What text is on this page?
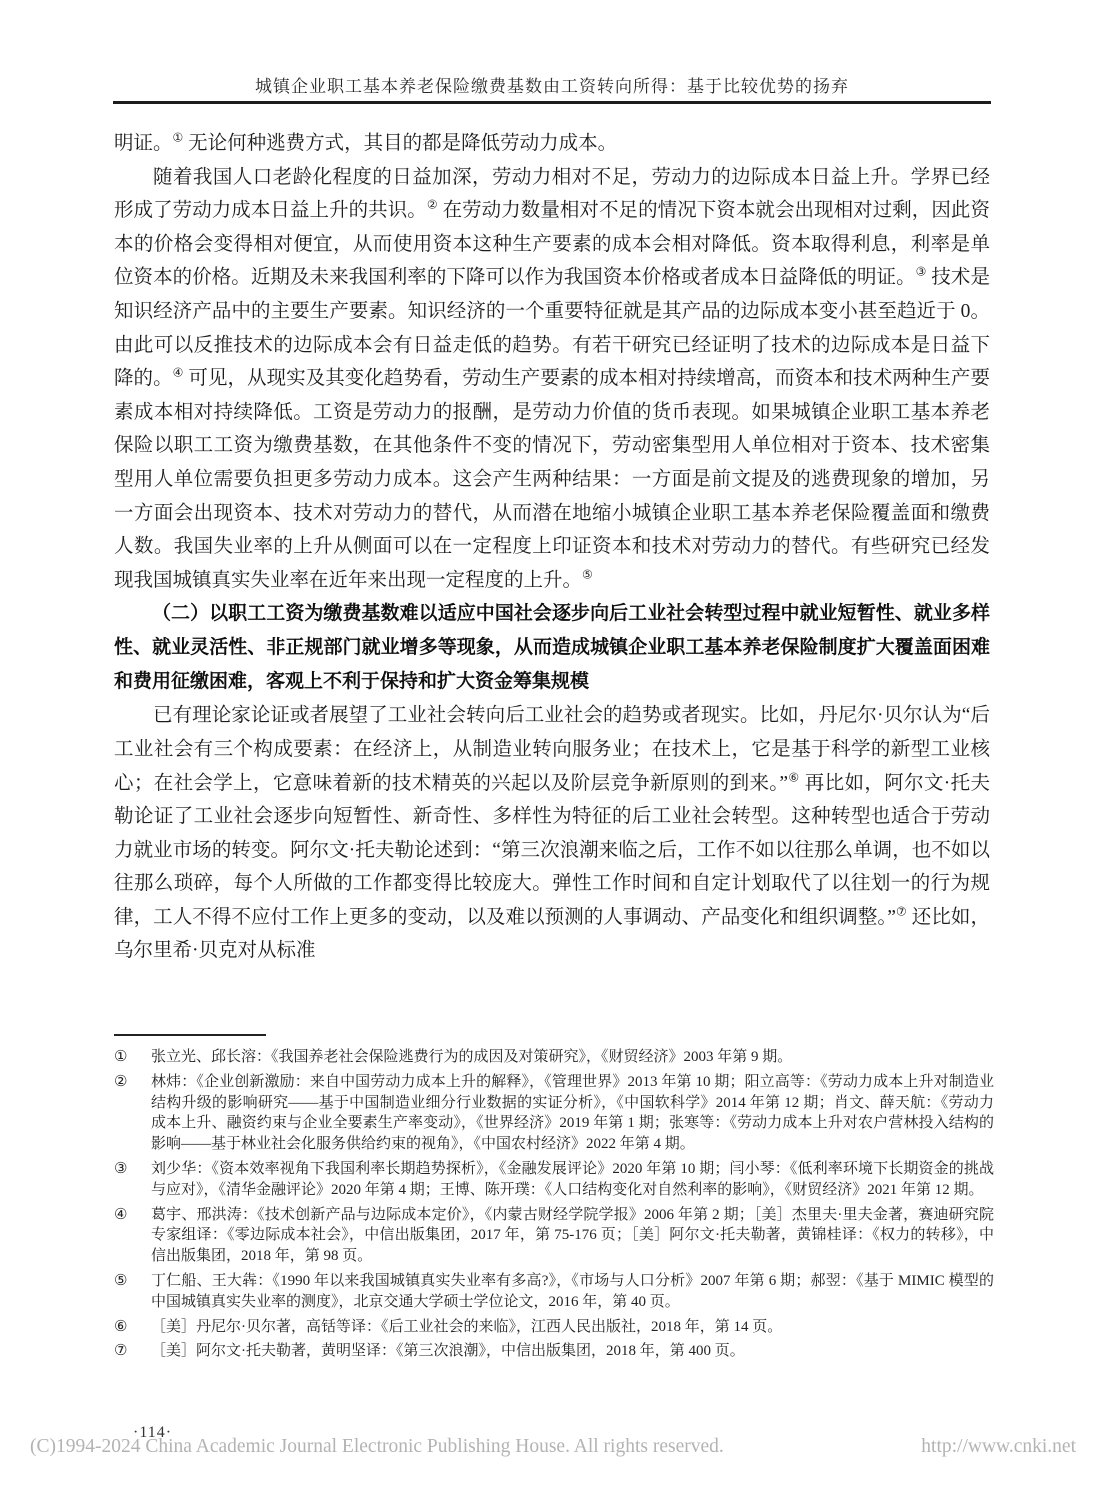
城镇企业职工基本养老保险缴费基数由工资转向所得：基于比较优势的扬弃

明证。① 无论何种逃费方式，其目的都是降低劳动力成本。

随着我国人口老龄化程度的日益加深，劳动力相对不足，劳动力的边际成本日益上升。学界已经形成了劳动力成本日益上升的共识。② 在劳动力数量相对不足的情况下资本就会出现相对过剩，因此资本的价格会变得相对便宜，从而使用资本这种生产要素的成本会相对降低。资本取得利息，利率是单位资本的价格。近期及未来我国利率的下降可以作为我国资本价格或者成本日益降低的明证。③ 技术是知识经济产品中的主要生产要素。知识经济的一个重要特征就是其产品的边际成本变小甚至趋近于 0。由此可以反推技术的边际成本会有日益走低的趋势。有若干研究已经证明了技术的边际成本是日益下降的。④ 可见，从现实及其变化趋势看，劳动生产要素的成本相对持续增高，而资本和技术两种生产要素成本相对持续降低。工资是劳动力的报酬，是劳动力价值的货币表现。如果城镇企业职工基本养老保险以职工工资为缴费基数，在其他条件不变的情况下，劳动密集型用人单位相对于资本、技术密集型用人单位需要负担更多劳动力成本。这会产生两种结果：一方面是前文提及的逃费现象的增加，另一方面会出现资本、技术对劳动力的替代，从而潜在地缩小城镇企业职工基本养老保险覆盖面和缴费人数。我国失业率的上升从侧面可以在一定程度上印证资本和技术对劳动力的替代。有些研究已经发现我国城镇真实失业率在近年来出现一定程度的上升。⑤

（二）以职工工资为缴费基数难以适应中国社会逐步向后工业社会转型过程中就业短暂性、就业多样性、就业灵活性、非正规部门就业增多等现象，从而造成城镇企业职工基本养老保险制度扩大覆盖面困难和费用征缴困难，客观上不利于保持和扩大资金筹集规模

已有理论家论证或者展望了工业社会转向后工业社会的趋势或者现实。比如，丹尼尔·贝尔认为“后工业社会有三个构成要素：在经济上，从制造业转向服务业；在技术上，它是基于科学的新型工业核心；在社会学上，它意味着新的技术精英的兴起以及阶层竞争新原则的到来。”⑥ 再比如，阿尔文·托夫勒论证了工业社会逐步向短暂性、新奇性、多样性为特征的后工业社会转型。这种转型也适合于劳动力就业市场的转变。阿尔文·托夫勒论述到：“第三次浪潮来临之后，工作不如以往那么单调，也不如以往那么琐碎，每个人所做的工作都变得比较庞大。弹性工作时间和自定计划取代了以往划一的行为规律，工人不得不应付工作上更多的变动，以及难以预测的人事调动、产品变化和组织调整。”⑦ 还比如，乌尔里希·贝克对从标准

①	张立光、邱长溶：《我国养老社会保险逃费行为的成因及对策研究》，《财贸经济》2003 年第 9 期。
②	林炜：《企业创新激励：来自中国劳动力成本上升的解释》，《管理世界》2013 年第 10 期；阳立高等：《劳动力成本上升对制造业结构升级的影响研究——基于中国制造业细分行业数据的实证分析》，《中国软科学》2014 年第 12 期；肖文、薛天航：《劳动力成本上升、融资约束与企业全要素生产率变动》，《世界经济》2019 年第 1 期；张寒等：《劳动力成本上升对农户营林投入结构的影响——基于林业社会化服务供给约束的视角》，《中国农村经济》2022 年第 4 期。
③	刘少华：《资本效率视角下我国利率长期趋势探析》，《金融发展评论》2020 年第 10 期；闫小琴：《低利率环境下长期资金的挑战与应对》，《清华金融评论》2020 年第 4 期；王博、陈开璞：《人口结构变化对自然利率的影响》，《财贸经济》2021 年第 12 期。
④	葛宇、邢洪涛：《技术创新产品与边际成本定价》，《内蒙古财经学院学报》2006 年第 2 期；［美］杰里夫·里夫金著，赛迪研究院专家组译：《零边际成本社会》，中信出版集团，2017 年，第 75-176 页；［美］阿尔文·托夫勒著，黄锦桂译：《权力的转移》，中信出版集团，2018 年，第 98 页。
⑤	丁仁船、王大犇：《1990 年以来我国城镇真实失业率有多高?》，《市场与人口分析》2007 年第 6 期；郝翌：《基于 MIMIC 模型的中国城镇真实失业率的测度》，北京交通大学硕士学位论文，2016 年，第 40 页。
⑥	［美］丹尼尔·贝尔著，高铦等译：《后工业社会的来临》，江西人民出版社，2018 年，第 14 页。
⑦	［美］阿尔文·托夫勒著，黄明坚译：《第三次浪潮》，中信出版集团，2018 年，第 400 页。
·114·
(C)1994-2024 China Academic Journal Electronic Publishing House. All rights reserved.	http://www.cnki.net
